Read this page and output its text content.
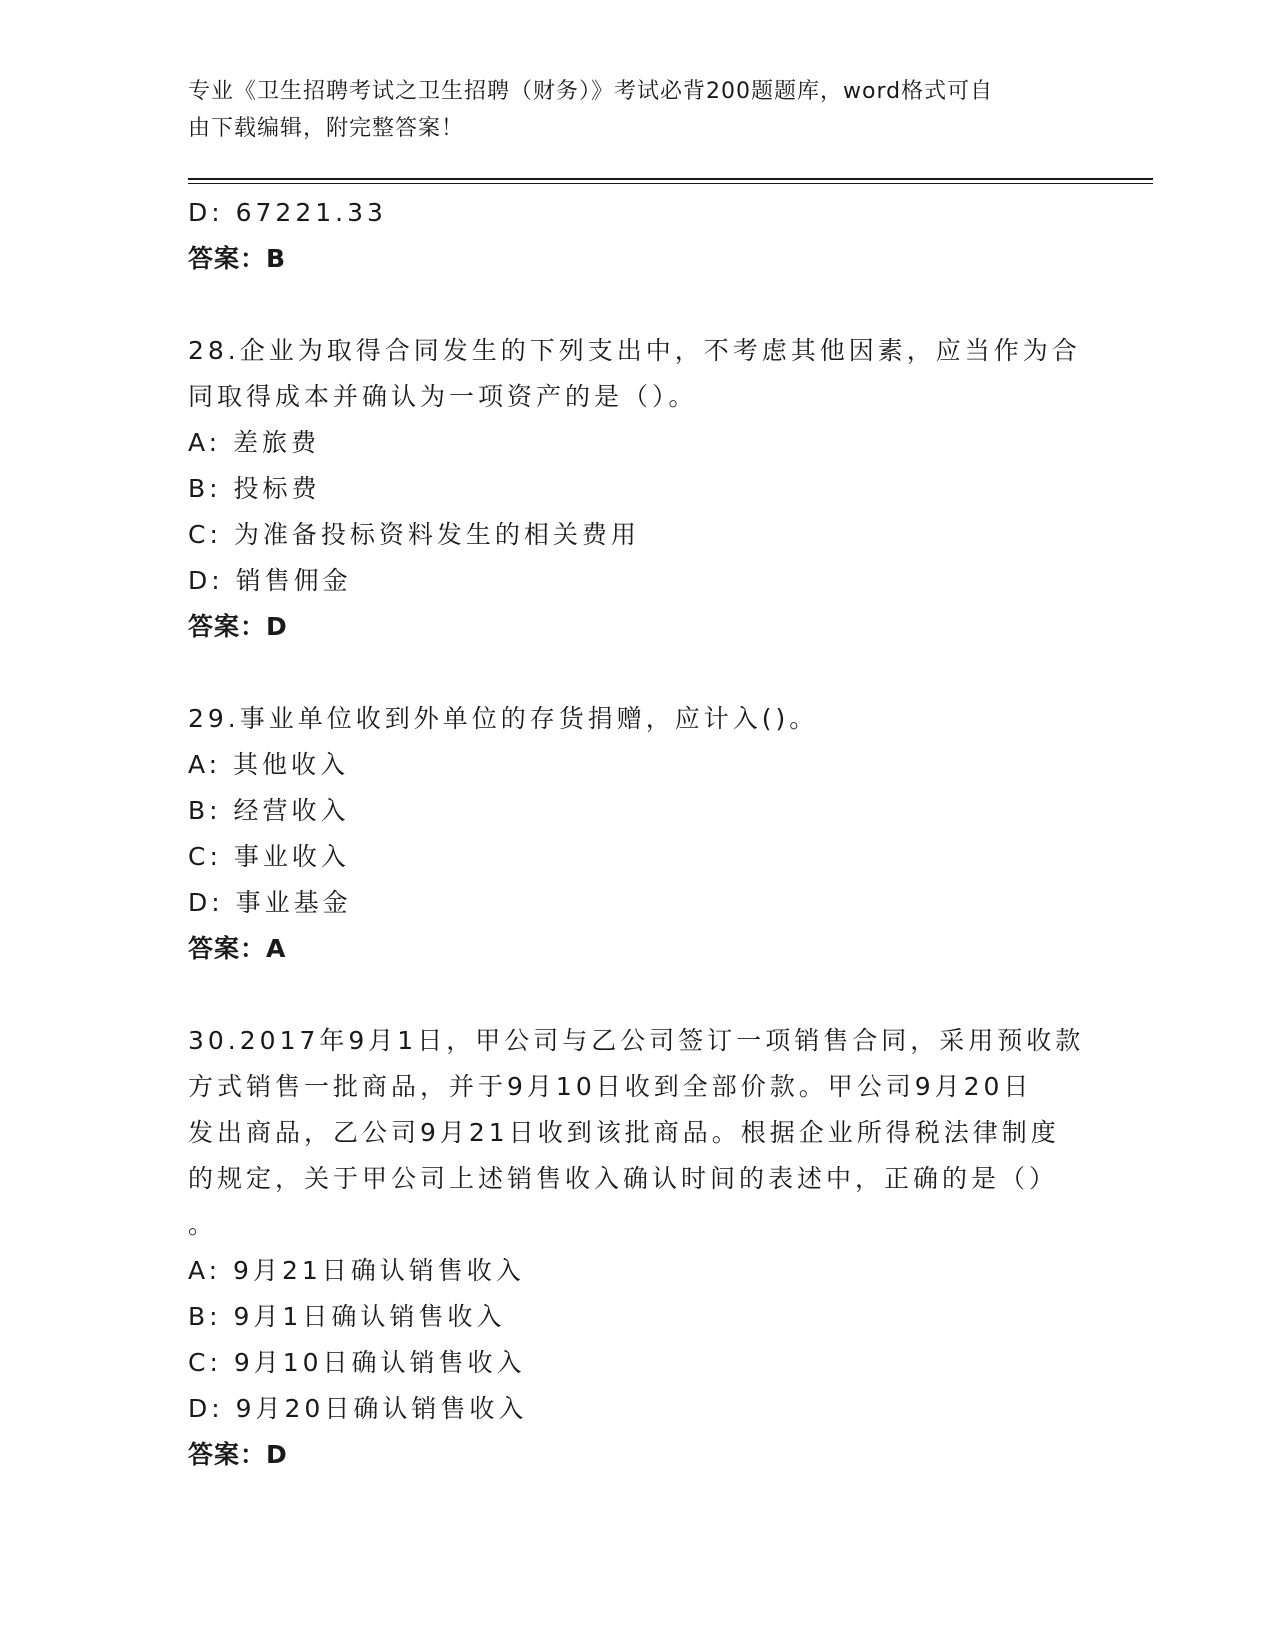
专业《卫生招聘考试之卫生招聘（财务）》考试必背200题题库，word格式可自
由下载编辑，附完整答案！
D: 67221.33
答案：B
28.企业为取得合同发生的下列支出中，不考虑其他因素，应当作为合
同取得成本并确认为一项资产的是（）。
A: 差旅费
B: 投标费
C: 为准备投标资料发生的相关费用
D: 销售佣金
答案：D
29.事业单位收到外单位的存货捐赠，应计入()。
A: 其他收入
B: 经营收入
C: 事业收入
D: 事业基金
答案：A
30.2017年9月1日，甲公司与乙公司签订一项销售合同，采用预收款
方式销售一批商品，并于9月10日收到全部价款。甲公司9月20日
发出商品，乙公司9月21日收到该批商品。根据企业所得税法律制度
的规定，关于甲公司上述销售收入确认时间的表述中，正确的是（）
。
A: 9月21日确认销售收入
B: 9月1日确认销售收入
C: 9月10日确认销售收入
D: 9月20日确认销售收入
答案：D
